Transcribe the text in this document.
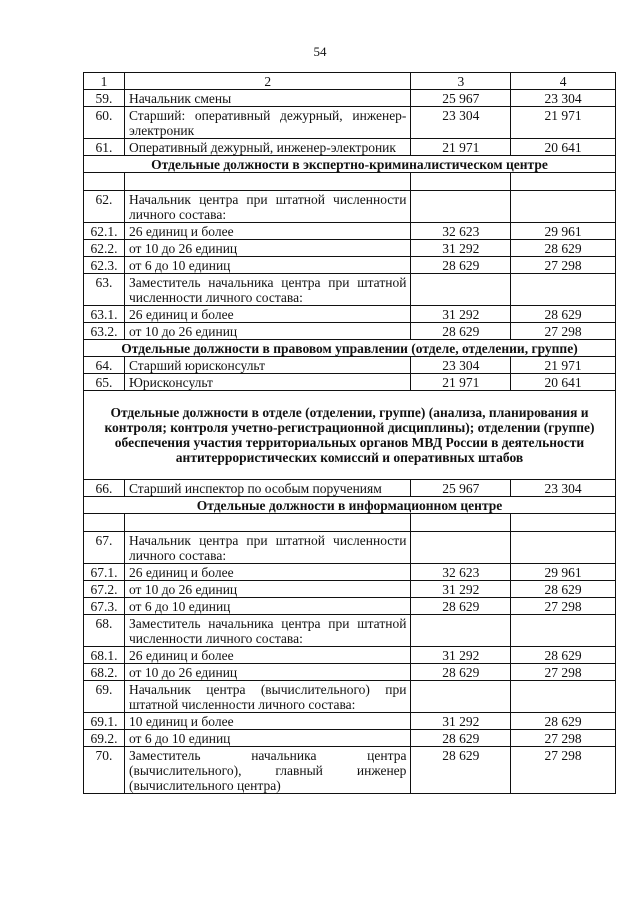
54
1	2	3	4
59.	Начальник смены	25 967	23 304
60.	Старший: оперативный дежурный, инженер-электроник	23 304	21 971
61.	Оперативный дежурный, инженер-электроник	21 971	20 641
Отдельные должности в экспертно-криминалистическом центре			

62.	Начальник центра при штатной численности личного состава:		
62.1.	26 единиц и более	32 623	29 961
62.2.	от 10 до 26 единиц	31 292	28 629
62.3.	от 6 до 10 единиц	28 629	27 298
63.	Заместитель начальника центра при штатной численности личного состава:		
63.1.	26 единиц и более	31 292	28 629
63.2.	от 10 до 26 единиц	28 629	27 298
Отдельные должности в правовом управлении (отделе, отделении, группе)			
64.	Старший юрисконсульт	23 304	21 971
65.	Юрисконсульт	21 971	20 641
Отдельные должности в отделе (отделении, группе) (анализа, планирования и контроля; контроля учетно-регистрационной дисциплины); отделении (группе) обеспечения участия территориальных органов МВД России в деятельности антитеррористических комиссий и оперативных штабов			
66.	Старший инспектор по особым поручениям	25 967	23 304
Отдельные должности в информационном центре			

67.	Начальник центра при штатной численности личного состава:		
67.1.	26 единиц и более	32 623	29 961
67.2.	от 10 до 26 единиц	31 292	28 629
67.3.	от 6 до 10 единиц	28 629	27 298
68.	Заместитель начальника центра при штатной численности личного состава:		
68.1.	26 единиц и более	31 292	28 629
68.2.	от 10 до 26 единиц	28 629	27 298
69.	Начальник центра (вычислительного) при штатной численности личного состава:		
69.1.	10 единиц и более	31 292	28 629
69.2.	от 6 до 10 единиц	28 629	27 298
70.	Заместитель начальника центра (вычислительного), главный инженер (вычислительного центра)	28 629	27 298
